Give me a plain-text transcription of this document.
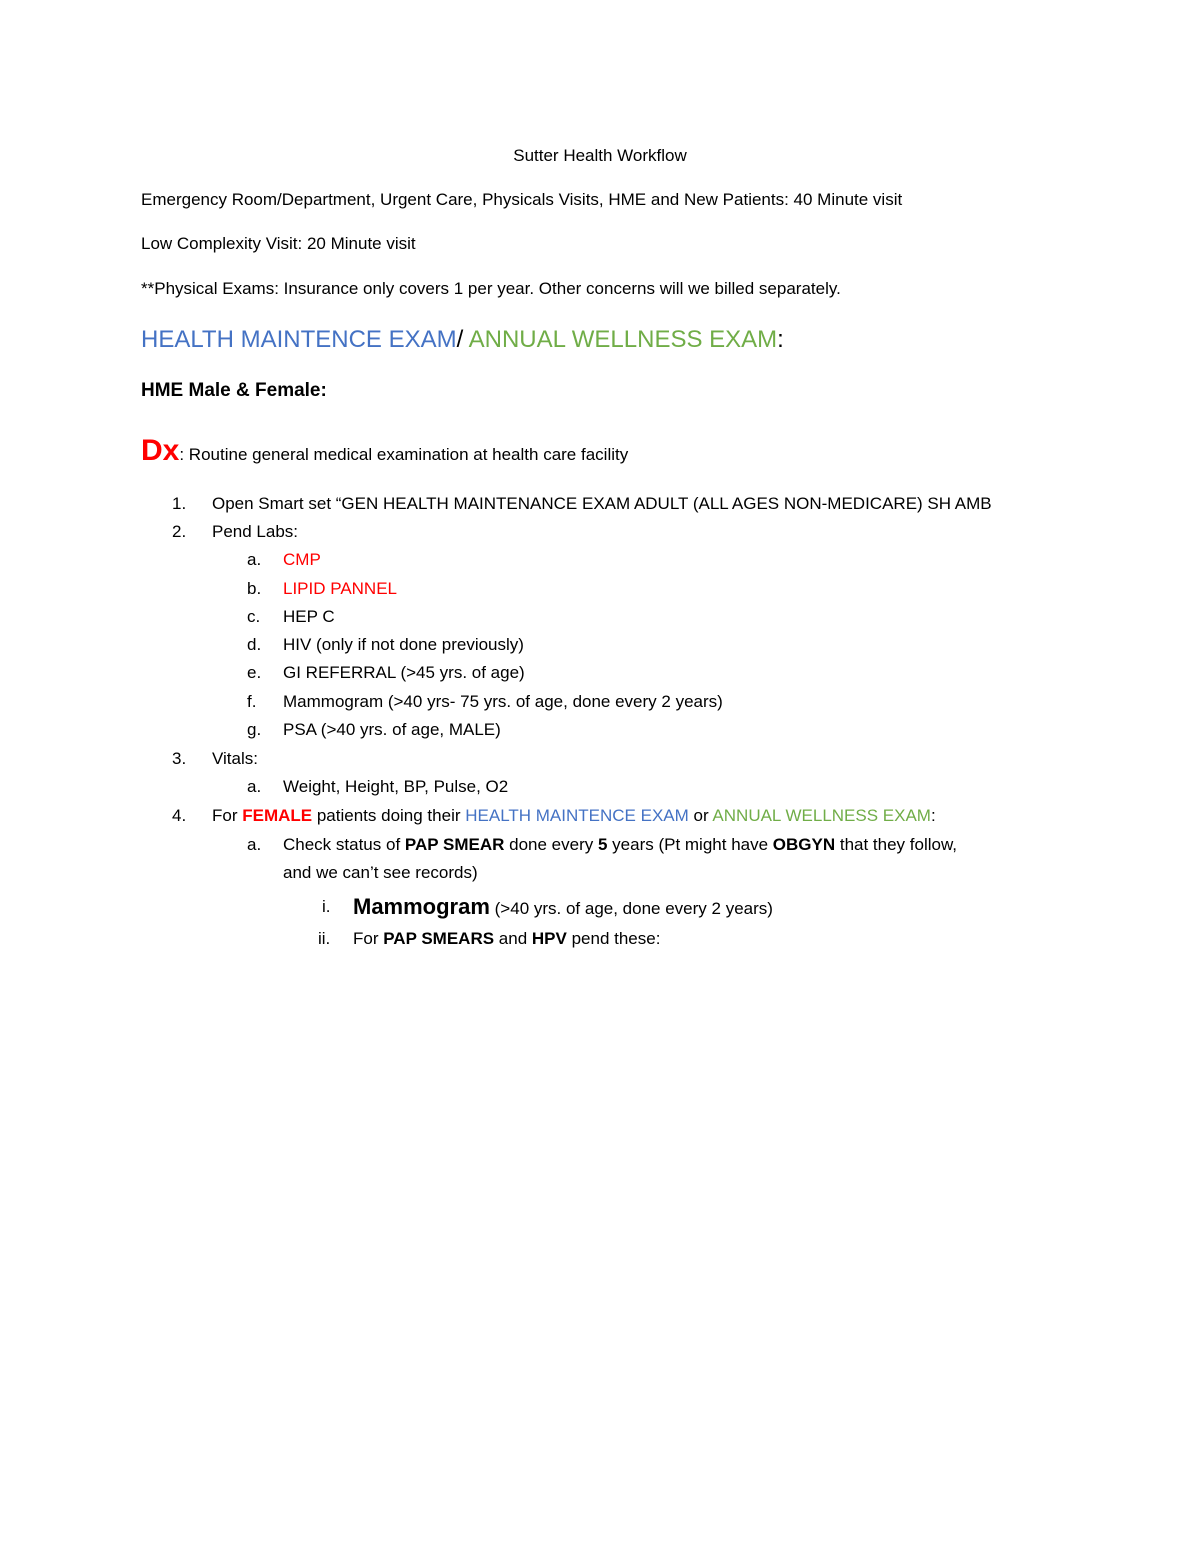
Sutter Health Workflow
Emergency Room/Department, Urgent Care, Physicals Visits, HME and New Patients: 40 Minute visit
Low Complexity Visit: 20 Minute visit
**Physical Exams: Insurance only covers 1 per year. Other concerns will we billed separately.
HEALTH MAINTENCE EXAM/ ANNUAL WELLNESS EXAM:
HME Male & Female:
Dx: Routine general medical examination at health care facility
1. Open Smart set “GEN HEALTH MAINTENANCE EXAM ADULT (ALL AGES NON-MEDICARE) SH AMB
2. Pend Labs:
a. CMP
b. LIPID PANNEL
c. HEP C
d. HIV (only if not done previously)
e. GI REFERRAL (>45 yrs. of age)
f. Mammogram (>40 yrs- 75 yrs. of age, done every 2 years)
g. PSA (>40 yrs. of age, MALE)
3. Vitals:
a. Weight, Height, BP, Pulse, O2
4. For FEMALE patients doing their HEALTH MAINTENCE EXAM or ANNUAL WELLNESS EXAM:
a. Check status of PAP SMEAR done every 5 years (Pt might have OBGYN that they follow,
and we can’t see records)
i. Mammogram (>40 yrs. of age, done every 2 years)
ii. For PAP SMEARS and HPV pend these:
